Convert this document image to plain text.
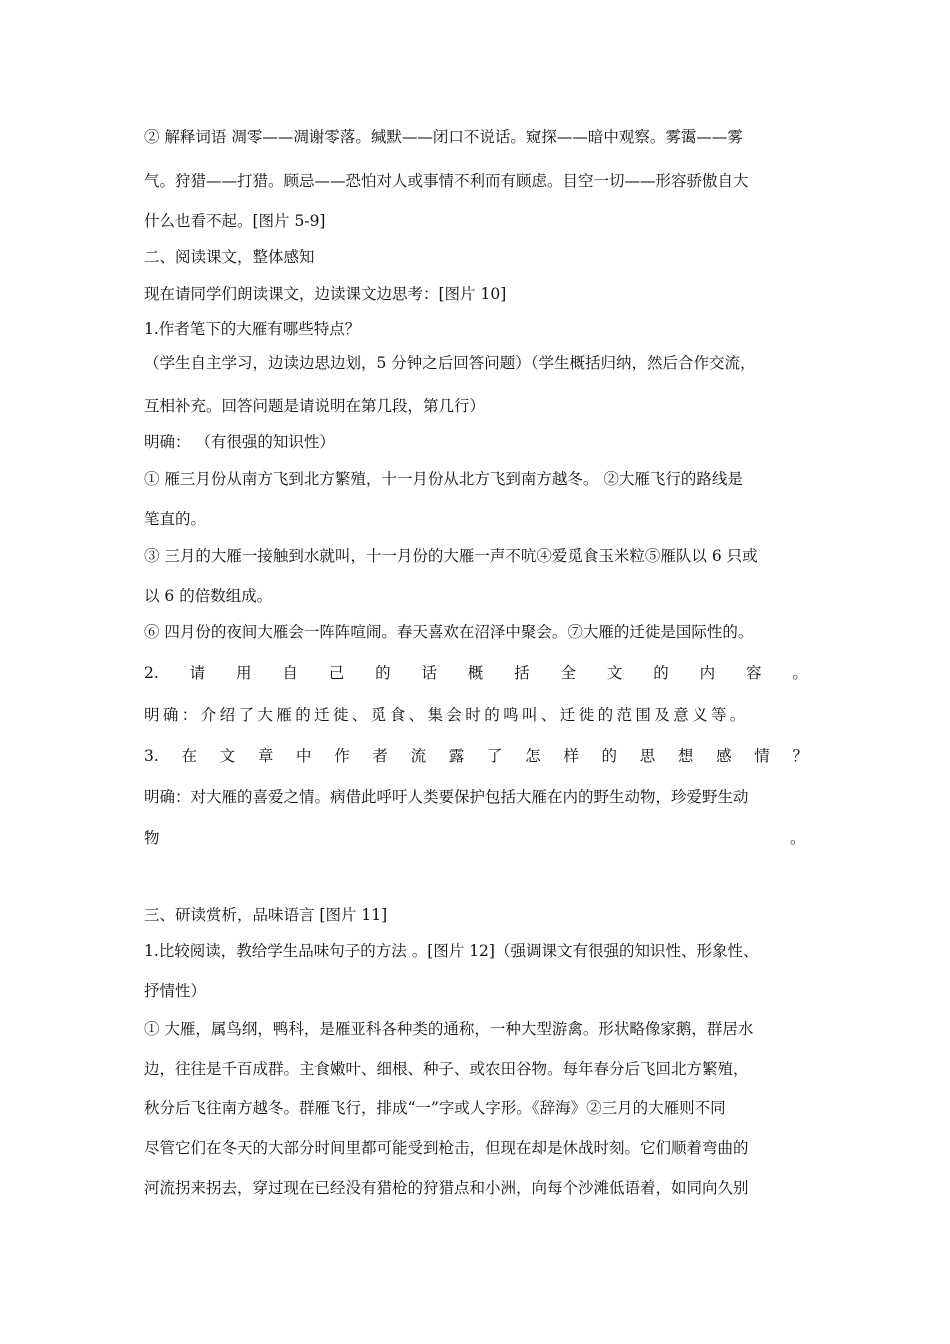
② 解释词语 凋零——凋谢零落。缄默——闭口不说话。窥探——暗中观察。雾霭——雾
气。狩猎——打猎。顾忌——恐怕对人或事情不利而有顾虑。目空一切——形容骄傲自大
什么也看不起。[图片 5-9]
二、阅读课文，整体感知
现在请同学们朗读课文，边读课文边思考：[图片 10]
1.作者笔下的大雁有哪些特点？
（学生自主学习，边读边思边划，5 分钟之后回答问题）（学生概括归纳，然后合作交流，
互相补充。回答问题是请说明在第几段，第几行）
明确： （有很强的知识性）
① 雁三月份从南方飞到北方繁殖，十一月份从北方飞到南方越冬。 ②大雁飞行的路线是
笔直的。
③ 三月的大雁一接触到水就叫，十一月份的大雁一声不吭④爱觅食玉米粒⑤雁队以 6 只或
以 6 的倍数组成。
⑥ 四月份的夜间大雁会一阵阵喧闹。春天喜欢在沼泽中聚会。⑦大雁的迁徙是国际性的。
2. 请 用 自 己 的 话 概 括 全 文 的 内 容 。
明确：介绍了大雁的迁徙、觅食、集会时的鸣叫、迁徙的范围及意义等。
3. 在 文 章 中 作 者 流 露 了 怎 样 的 思 想 感 情 ？
明确：对大雁的喜爱之情。病借此呼吁人类要保护包括大雁在内的野生动物，珍爱野生动
物	。
三、研读赏析，品味语言 [图片 11]
1.比较阅读，教给学生品味句子的方法 。[图片 12]（强调课文有很强的知识性、形象性、
抒情性）
① 大雁，属鸟纲，鸭科，是雁亚科各种类的通称，一种大型游禽。形状略像家鹅，群居水
边，往往是千百成群。主食嫩叶、细根、种子、或农田谷物。每年春分后飞回北方繁殖，
秋分后飞往南方越冬。群雁飞行，排成“一”字或人字形。《辞海》②三月的大雁则不同
尽管它们在冬天的大部分时间里都可能受到枪击，但现在却是休战时刻。它们顺着弯曲的
河流拐来拐去，穿过现在已经没有猎枪的狩猎点和小洲，向每个沙滩低语着，如同向久别
